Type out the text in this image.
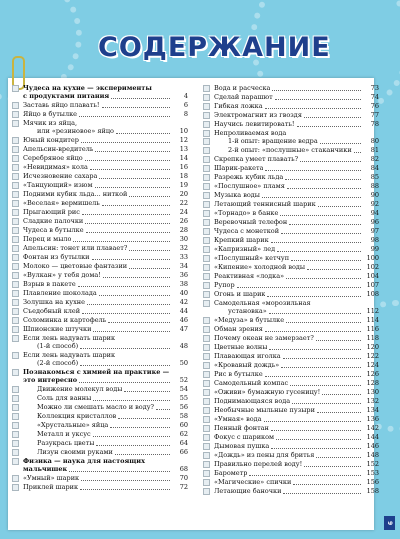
СОДЕРЖАНИЕ
Чудеса на кухне — эксперименты
с продуктами питания	4
Заставь яйцо плавать!	6
Яйцо в бутылке	8
Мячик из яйца,
или «резиновое» яйцо	10
Юный кондитер	12
Апельсин-вредитель	13
Серебряное яйцо	14
«Невидимая» кола	16
Исчезновение сахара	18
«Танцующий» изюм	19
Подними кубик льда... ниткой	20
«Веселая» вермишель	22
Прыгающий рис	24
Сладкие палочки	26
Чудеса в бутылке	28
Перец и мыло	30
Апельсин: тонет или плавает?	32
Фонтан из бутылки	33
Молоко — цветовые фантазии	34
«Вулкан» у тебя дома!	36
Взрыв в пакете	38
Плавление шоколада	40
Золушка на кухне	42
Съедобный клей	44
Соломинка и картофель	46
Шпионские штучки	47
Если лень надувать шарик
(1-й способ)	48
Если лень надувать шарик
(2-й способ)	50
Познакомься с химией на практике —
это интересно	52
Движение молекул воды	54
Соль для ванны	55
Можно ли смешать масло и воду?	56
Коллекция кристаллов	58
«Хрустальные» яйца	60
Металл и уксус	62
Разукрась цветы	64
Лизун своими руками	66
Физика — наука для настоящих
мальчишек	68
«Умный» шарик	70
Приклей шарик	72
Вода и расческа	73
Сделай парашют	74
Гибкая ложка	76
Электромагнит из гвоздя	77
Научись левитировать!	78
Непроливаемая вода
1-й опыт: вращение ведра	80
2-й опыт: «послушные» стаканчики	81
Скрепка умеет плавать?	82
Шарик-ракета	84
Разрежь кубик льда	85
«Послушное» пламя	88
Музыка воды	90
Летающий теннисный шарик	92
«Торнадо» в банке	94
Веревочный телефон	96
Чудеса с монеткой	97
Крепкий шарик	98
«Капризный» лед	99
«Послушный» кетчуп	100
«Кипение» холодной воды	102
Реактивная «лодка»	104
Рупор	107
Огонь и шарик	108
Самодельная «морозильная
установка»	112
«Медуза» в бутылке	114
Обман зрения	116
Почему океан не замерзает?	118
Цветные волны	120
Плавающая иголка	122
«Кровавый дождь»	124
Рис в бутылке	126
Самодельный компас	128
«Оживи» бумажную гусеницу!	130
Поднимающаяся вода	132
Необычные мыльные пузыри	134
«Умная» вода	136
Пенный фонтан	142
Фокус с шариком	144
Дымовая пушка	146
«Дождь» из пены для бритья	148
Правильно перелей воду!	152
Барометр	153
«Магические» спички	156
Летающие баночки	158
9
